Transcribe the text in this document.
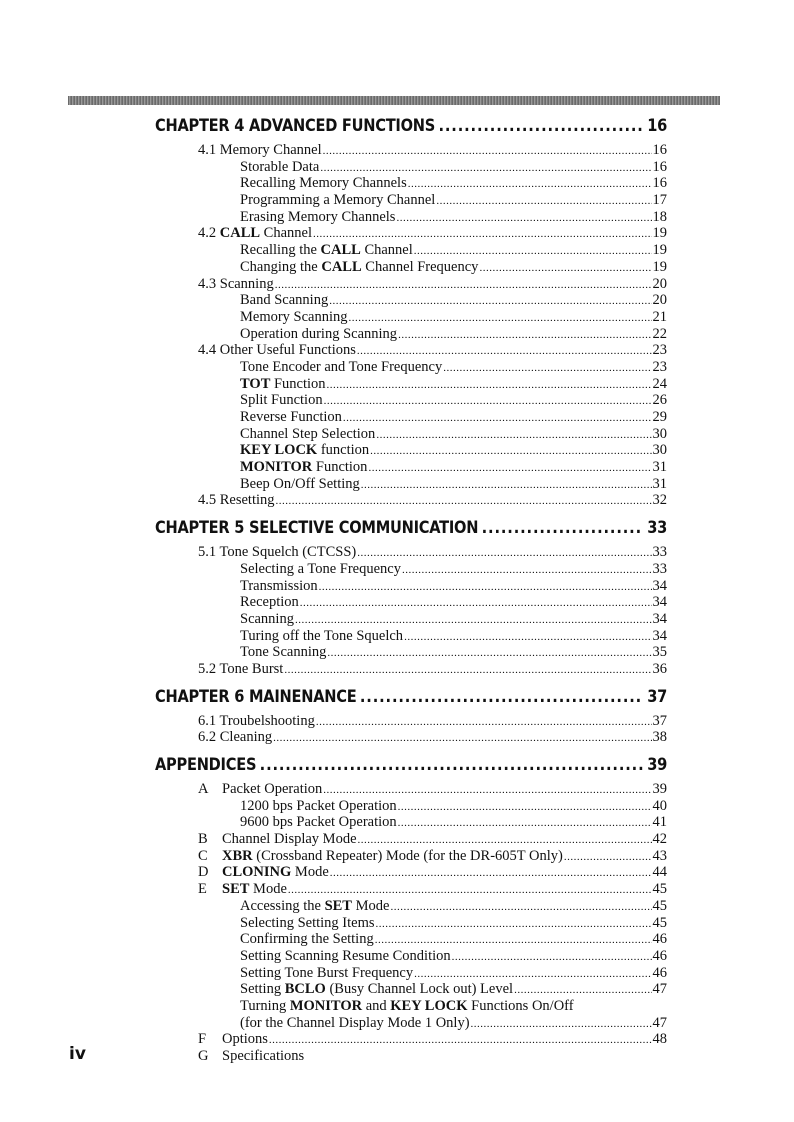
CHAPTER 4 ADVANCED FUNCTIONS .....	16
4.1 Memory Channel .....	16
Storable Data .....	16
Recalling Memory Channels .....	16
Programming a Memory Channel .....	17
Erasing Memory Channels .....	18
4.2 CALL Channel .....	19
Recalling the CALL Channel .....	19
Changing the CALL Channel Frequency .....	19
4.3 Scanning .....	20
Band Scanning .....	20
Memory Scanning .....	21
Operation during Scanning .....	22
4.4 Other Useful Functions .....	23
Tone Encoder and Tone Frequency .....	23
TOT Function .....	24
Split Function .....	26
Reverse Function .....	29
Channel Step Selection .....	30
KEY LOCK function .....	30
MONITOR Function .....	31
Beep On/Off Setting .....	31
4.5 Resetting .....	32
CHAPTER 5 SELECTIVE COMMUNICATION .....	33
5.1 Tone Squelch (CTCSS) .....	33
Selecting a Tone Frequency .....	33
Transmission .....	34
Reception .....	34
Scanning .....	34
Turing off the Tone Squelch .....	34
Tone Scanning .....	35
5.2 Tone Burst .....	36
CHAPTER 6 MAINENANCE .....	37
6.1 Troubelshooting .....	37
6.2 Cleaning .....	38
APPENDICES .....	39
A Packet Operation .....	39
1200 bps Packet Operation .....	40
9600 bps Packet Operation .....	41
B Channel Display Mode .....	42
C XBR (Crossband Repeater) Mode (for the DR-605T Only) .....	43
D CLONING Mode .....	44
E	SET Mode .....	45
Accessing the SET Mode .....	45
Selecting Setting Items .....	45
Confirming the Setting .....	46
Setting Scanning Resume Condition .....	46
Setting Tone Burst Frequency .....	46
Setting BCLO (Busy Channel Lock out) Level .....	47
Turning MONITOR and KEY LOCK Functions On/Off
(for the Channel Display Mode 1 Only) .....	47
F	Options .....	48
G Specifications
iv
